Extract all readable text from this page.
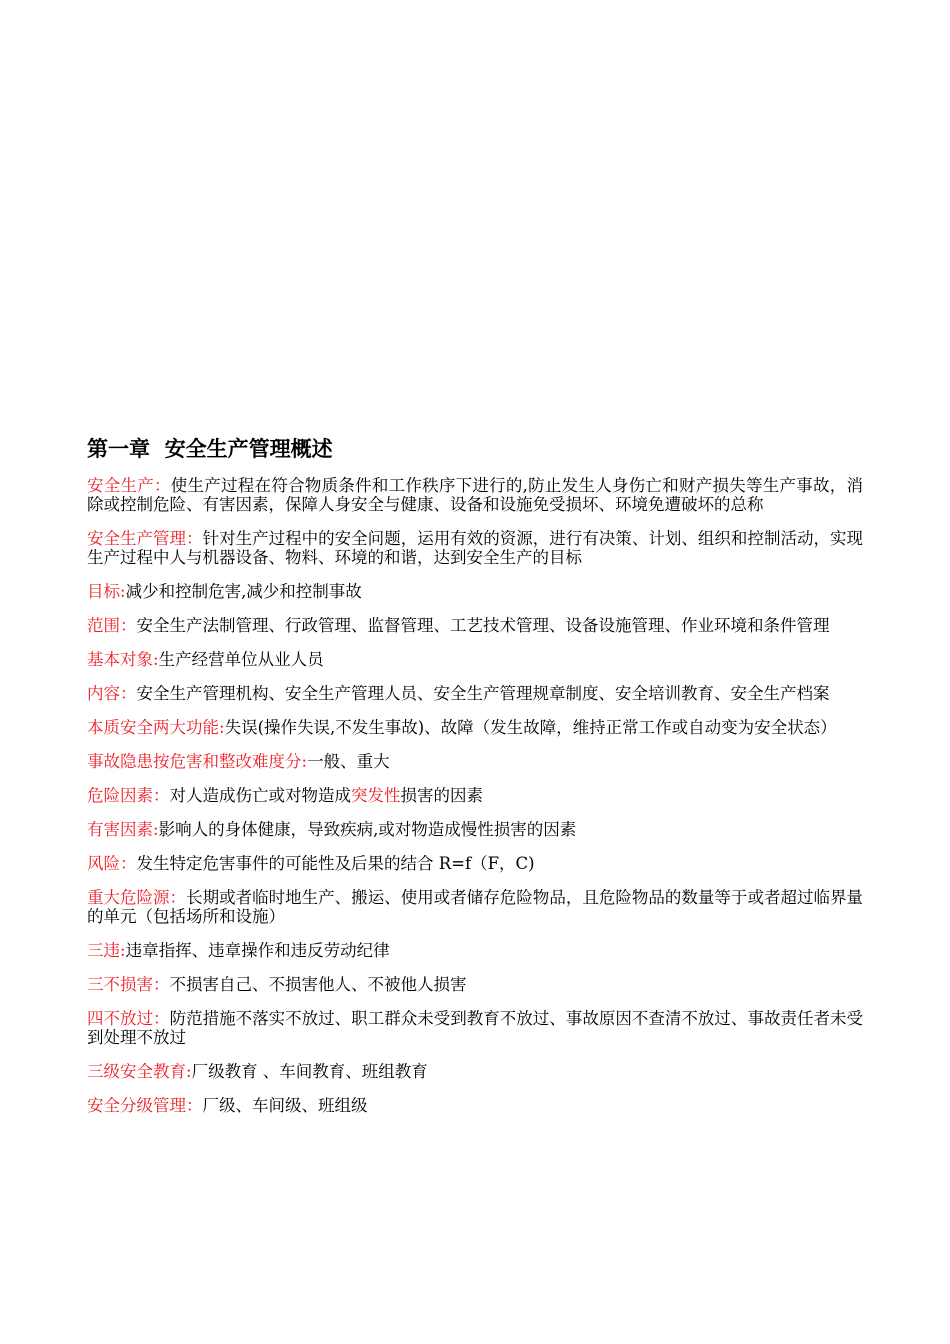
第一章  安全生产管理概述

安全生产：使生产过程在符合物质条件和工作秩序下进行的,防止发生人身伤亡和财产损失等生产事故，消除或控制危险、有害因素，保障人身安全与健康、设备和设施免受损坏、环境免遭破坏的总称

安全生产管理：针对生产过程中的安全问题，运用有效的资源，进行有决策、计划、组织和控制活动，实现生产过程中人与机器设备、物料、环境的和谐，达到安全生产的目标

目标:减少和控制危害,减少和控制事故

范围：安全生产法制管理、行政管理、监督管理、工艺技术管理、设备设施管理、作业环境和条件管理

基本对象:生产经营单位从业人员

内容：安全生产管理机构、安全生产管理人员、安全生产管理规章制度、安全培训教育、安全生产档案

本质安全两大功能:失误(操作失误,不发生事故)、故障（发生故障，维持正常工作或自动变为安全状态）

事故隐患按危害和整改难度分:一般、重大

危险因素：对人造成伤亡或对物造成突发性损害的因素

有害因素:影响人的身体健康，导致疾病,或对物造成慢性损害的因素

风险：发生特定危害事件的可能性及后果的结合 R=f（F，C)

重大危险源：长期或者临时地生产、搬运、使用或者储存危险物品，且危险物品的数量等于或者超过临界量的单元（包括场所和设施）

三违:违章指挥、违章操作和违反劳动纪律

三不损害：不损害自己、不损害他人、不被他人损害

四不放过：防范措施不落实不放过、职工群众未受到教育不放过、事故原因不查清不放过、事故责任者未受到处理不放过

三级安全教育:厂级教育 、车间教育、班组教育

安全分级管理：厂级、车间级、班组级
